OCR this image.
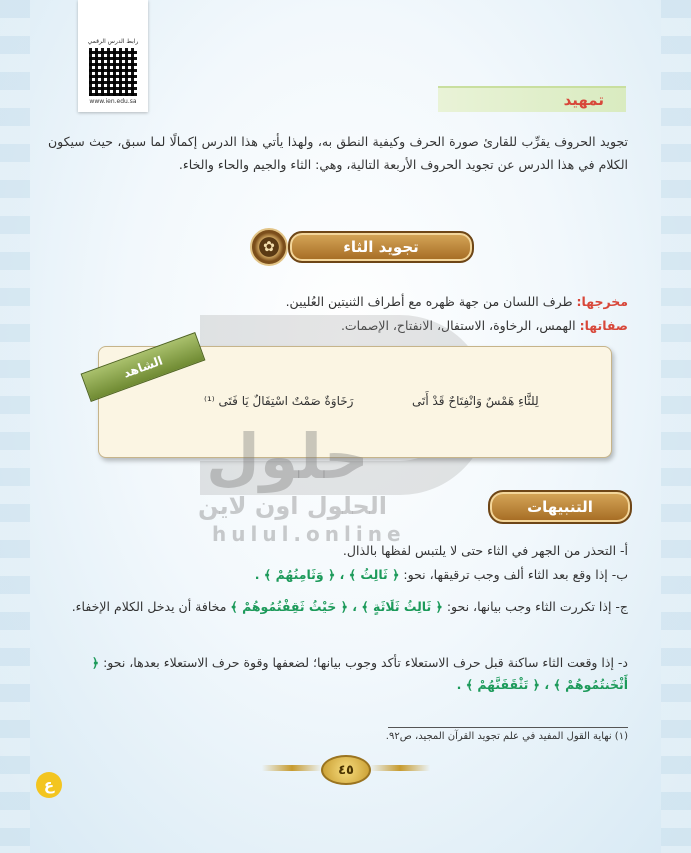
رابط الدرس الرقمي
www.ien.edu.sa	تمهيد
تجويد الحروف يقرِّب للقارئ صورة الحرف وكيفية النطق به، ولهذا يأتي هذا الدرس إكمالًا لما سبق، حيث سيكون الكلام في هذا الدرس عن تجويد الحروف الأربعة التالية، وهي: الثاء والجيم والحاء والخاء.
تجويد الثاء
✿
مخرجها: طرف اللسان من جهة ظهره مع أطراف الثنيتين العُليين.
صفاتها: الهمس، الرخاوة، الاستفال، الانفتاح، الإصمات.
الشاهد
لِلثَّاءِ هَمْسٌ وَانْفِتَاحٌ قَدْ أَتَى
رَخَاوَةٌ صَمْتٌ اسْتِفَالٌ يَا فَتَى ⁽¹⁾
حلول
الحلول اون لاين
hulul.online
التنبيهات
أ- التحذر من الجهر في الثاء حتى لا يلتبس لفظها بالذال.
ب- إذا وقع بعد الثاء ألف وجب ترقيقها، نحو: ﴿ ثَالِثُ ﴾ ، ﴿ وَثَامِنُهُمْ ﴾ .
ج- إذا تكررت الثاء وجب بيانها، نحو: ﴿ ثَالِثُ ثَلَاثَةٍ ﴾ ، ﴿ حَيْثُ ثَقِفْتُمُوهُمْ ﴾ مخافة أن يدخل الكلام الإخفاء.
د- إذا وقعت الثاء ساكنة قبل حرف الاستعلاء تأكد وجوب بيانها؛ لضعفها وقوة حرف الاستعلاء بعدها، نحو: ﴿ أَثْخَنتُمُوهُمْ ﴾ ، ﴿ تَثْقَفَنَّهُمْ ﴾ .
(١) نهاية القول المفيد في علم تجويد القرآن المجيد، ص٩٢.
٤٥
ع
